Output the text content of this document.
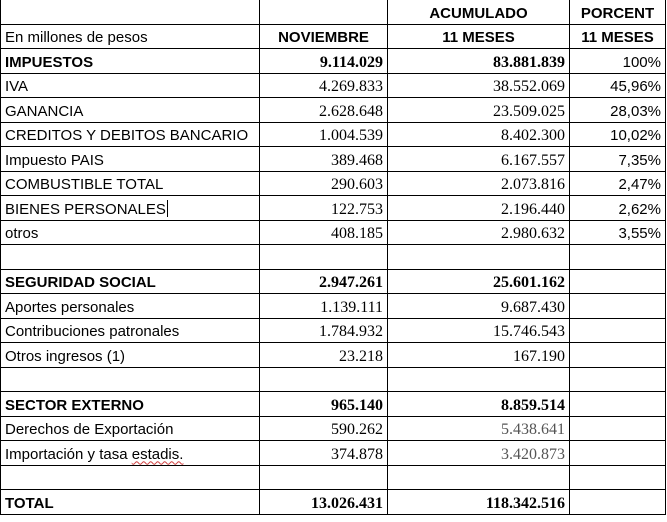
		ACUMULADO	PORCENT
En millones de pesos	NOVIEMBRE	11 MESES	11 MESES
IMPUESTOS	9.114.029	83.881.839	100%
IVA	4.269.833	38.552.069	45,96%
GANANCIA	2.628.648	23.509.025	28,03%
CREDITOS Y DEBITOS BANCARIO	1.004.539	8.402.300	10,02%
Impuesto PAIS	389.468	6.167.557	7,35%
COMBUSTIBLE TOTAL	290.603	2.073.816	2,47%
BIENES PERSONALES	122.753	2.196.440	2,62%
otros	408.185	2.980.632	3,55%

SEGURIDAD SOCIAL	2.947.261	25.601.162	
Aportes personales	1.139.111	9.687.430	
Contribuciones patronales	1.784.932	15.746.543	
Otros ingresos (1)	23.218	167.190	

SECTOR EXTERNO	965.140	8.859.514	
Derechos de Exportación	590.262	5.438.641	
Importación y tasa estadis.	374.878	3.420.873	

TOTAL	13.026.431	118.342.516	
